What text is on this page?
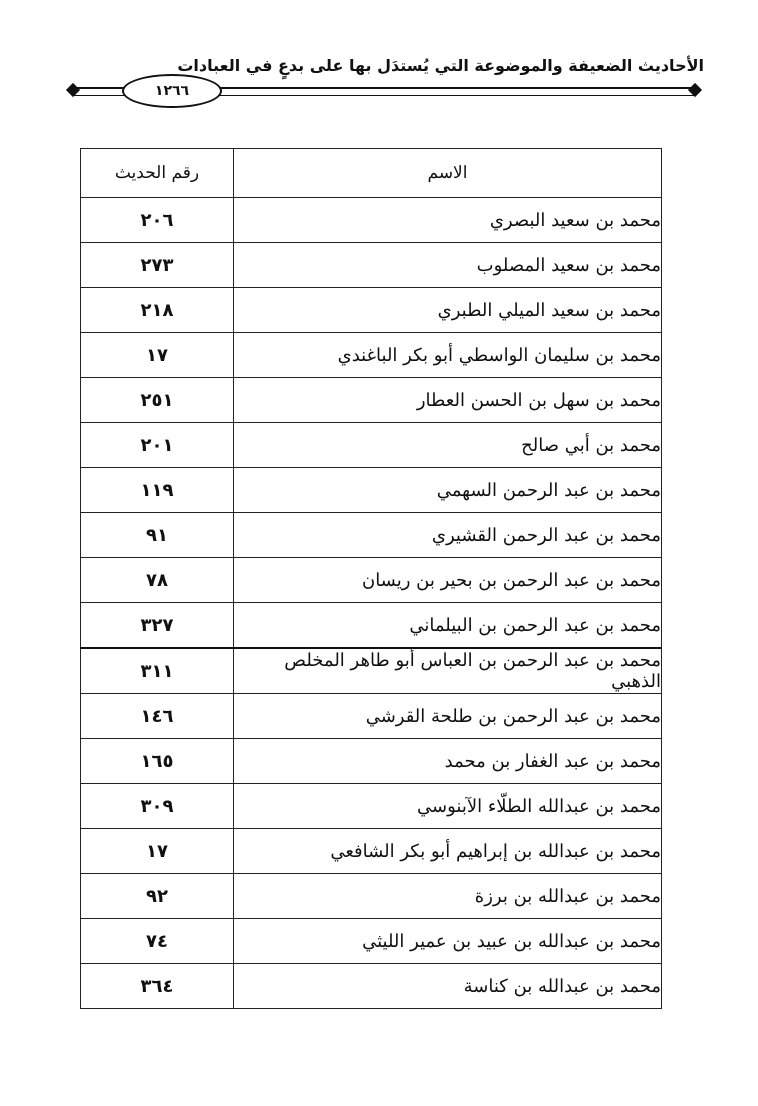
الأحاديث الضعيفة والموضوعة التي يُستدَل بها على بدعٍ في العبادات
١٢٦٦
الاسم	رقم الحديث
محمد بن سعيد البصري	٢٠٦
محمد بن سعيد المصلوب	٢٧٣
محمد بن سعيد الميلي الطبري	٢١٨
محمد بن سليمان الواسطي أبو بكر الباغندي	١٧
محمد بن سهل بن الحسن العطار	٢٥١
محمد بن أبي صالح	٢٠١
محمد بن عبد الرحمن السهمي	١١٩
محمد بن عبد الرحمن القشيري	٩١
محمد بن عبد الرحمن بن بحير بن ريسان	٧٨
محمد بن عبد الرحمن بن البيلماني	٣٢٧
محمد بن عبد الرحمن بن العباس أبو طاهر المخلص الذهبي	٣١١
محمد بن عبد الرحمن بن طلحة القرشي	١٤٦
محمد بن عبد الغفار بن محمد	١٦٥
محمد بن عبدالله الطلّاء الآبنوسي	٣٠٩
محمد بن عبدالله بن إبراهيم أبو بكر الشافعي	١٧
محمد بن عبدالله بن برزة	٩٢
محمد بن عبدالله بن عبيد بن عمير الليثي	٧٤
محمد بن عبدالله بن كناسة	٣٦٤
